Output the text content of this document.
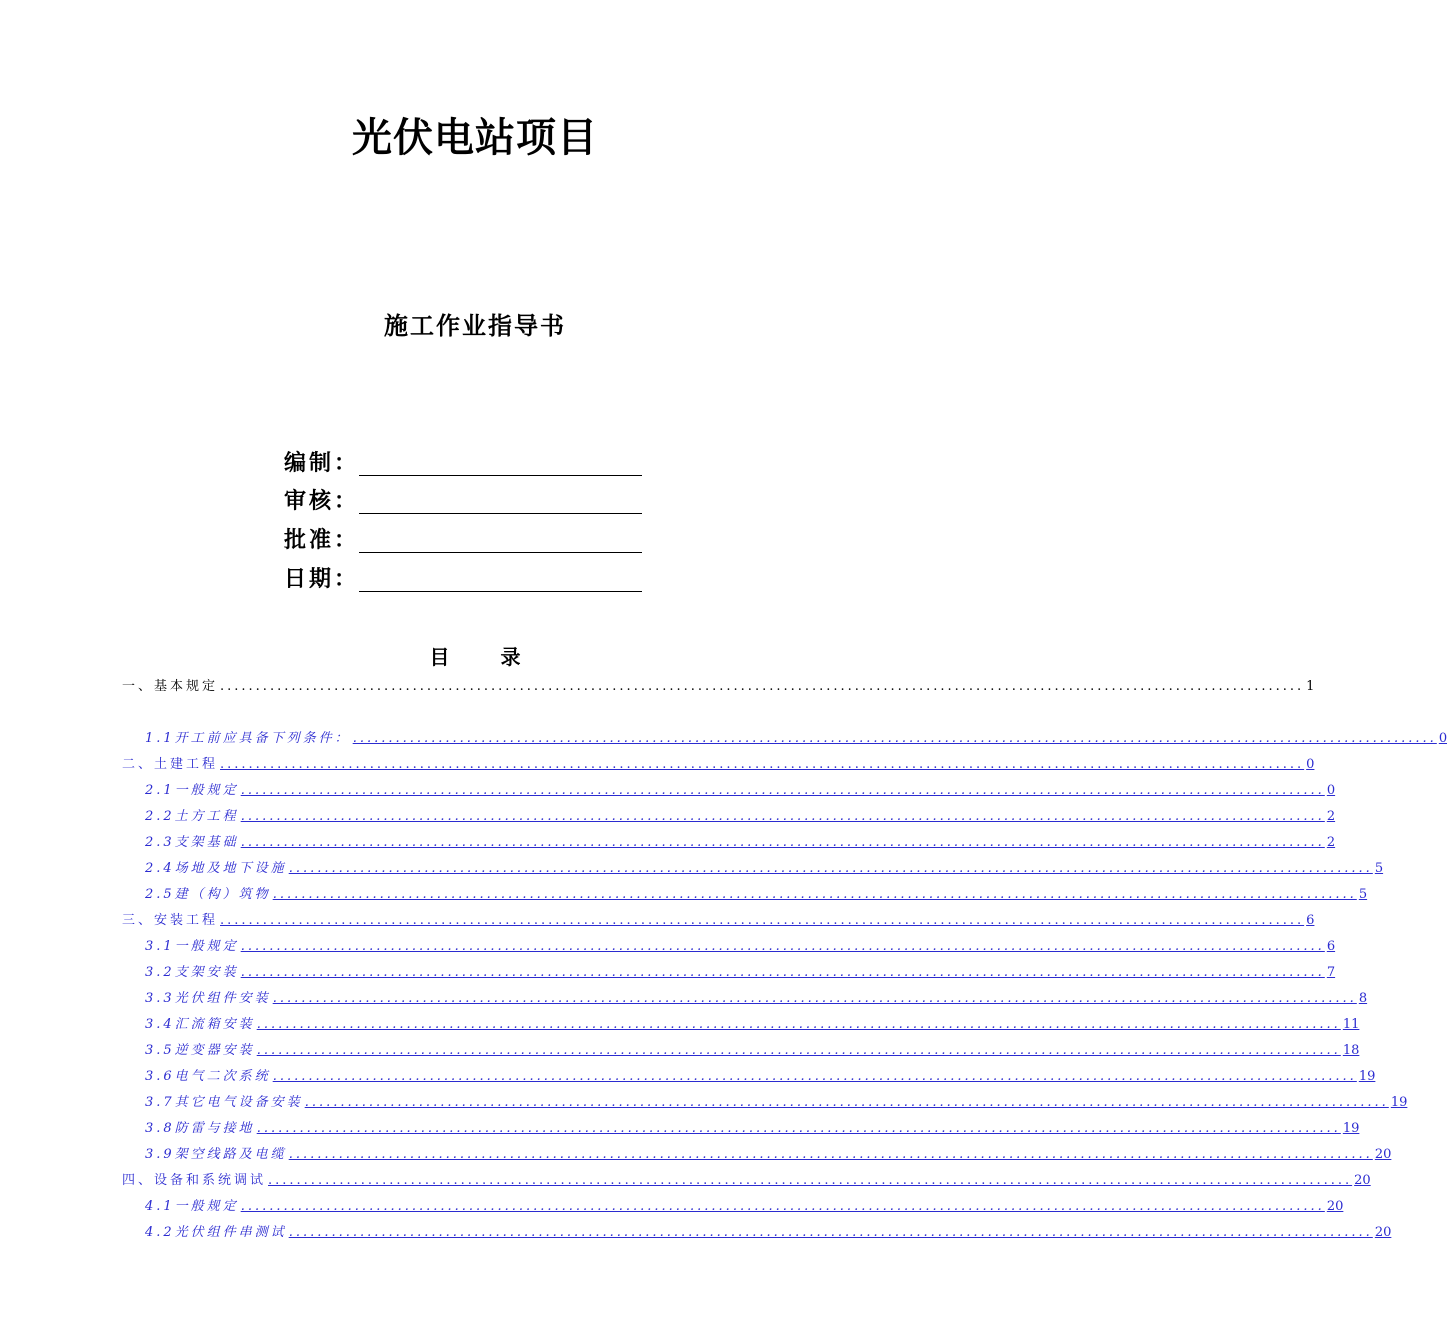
光伏电站项目
施工作业指导书
编制：
审核：
批准：
日期：
目 录
一、基本规定 ........................................................................................................................................................ 1
1.1开工前应具备下列条件： ........................................................................................................................................................ 0
二、土建工程 ........................................................................................................................................................ 0
2.1一般规定 ........................................................................................................................................................ 0
2.2土方工程 ........................................................................................................................................................ 2
2.3支架基础 ........................................................................................................................................................ 2
2.4场地及地下设施 ........................................................................................................................................................ 5
2.5建（构）筑物 ........................................................................................................................................................ 5
三、安装工程 ........................................................................................................................................................ 6
3.1一般规定 ........................................................................................................................................................ 6
3.2支架安装 ........................................................................................................................................................ 7
3.3光伏组件安装 ........................................................................................................................................................ 8
3.4汇流箱安装 ........................................................................................................................................................ 11
3.5逆变器安装 ........................................................................................................................................................ 18
3.6电气二次系统 ........................................................................................................................................................ 19
3.7其它电气设备安装 ........................................................................................................................................................ 19
3.8防雷与接地 ........................................................................................................................................................ 19
3.9架空线路及电缆 ........................................................................................................................................................ 20
四、设备和系统调试 ........................................................................................................................................................ 20
4.1一般规定 ........................................................................................................................................................ 20
4.2光伏组件串测试 ........................................................................................................................................................ 20
